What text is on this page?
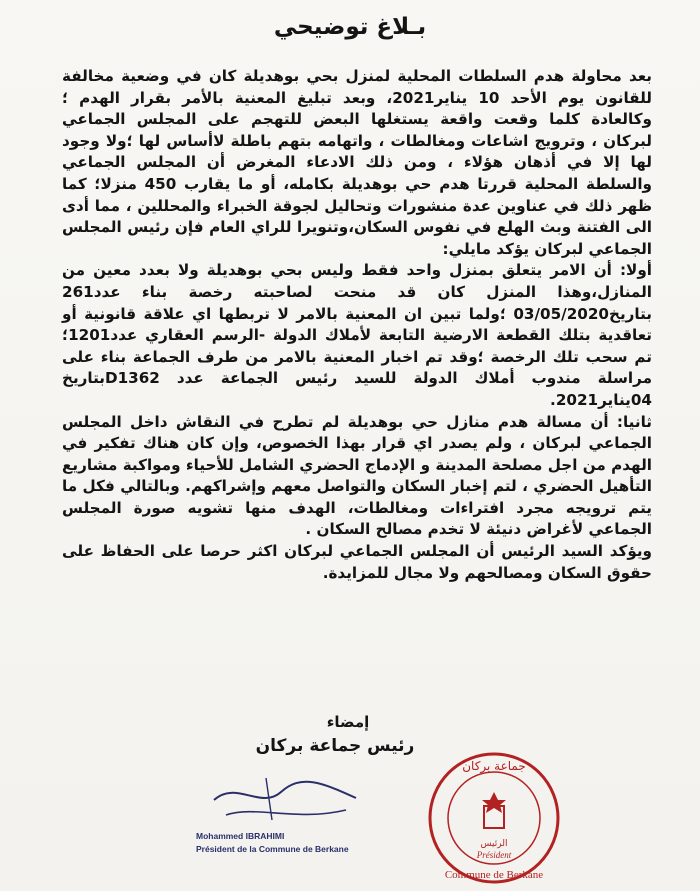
بـلاغ توضيحي

بعد محاولة هدم السلطات المحلية لمنزل بحي بوهديلة كان في وضعية مخالفة للقانون يوم الأحد 10 يناير2021، وبعد تبليغ المعنية بالأمر بقرار الهدم ؛ وكالعادة كلما وقعت واقعة يستغلها البعض للتهجم على المجلس الجماعي لبركان ، وترويج اشاعات ومغالطات ، واتهامه بتهم باطلة لاأساس لها ؛ولا وجود لها إلا في أذهان هؤلاء ، ومن ذلك الادعاء المغرض أن المجلس الجماعي والسلطة المحلية قررتا هدم حي بوهديلة بكامله، أو ما يقارب 450 منزلا؛ كما ظهر ذلك في عناوين عدة منشورات وتحاليل لجوقة الخبراء والمحللين ، مما أدى الى الفتنة وبث الهلع في نفوس السكان،وتنويرا للراي العام فإن رئيس المجلس الجماعي لبركان يؤكد مايلي:

أولا: أن الامر يتعلق بمنزل واحد فقط وليس بحي بوهديلة ولا بعدد معين من المنازل،وهذا المنزل كان قد منحت لصاحبته رخصة بناء عدد261 بتاريخ03/05/2020 ؛ولما تبين ان المعنية بالامر لا تربطها اي علاقة قانونية أو تعاقدية بتلك القطعة الارضية التابعة لأملاك الدولة -الرسم العقاري عدد1201؛ تم سحب تلك الرخصة ؛وقد تم اخبار المعنية بالامر من طرف الجماعة بناء على مراسلة مندوب أملاك الدولة للسيد رئيس الجماعة عدد D1362بتاريخ 04يناير2021.

ثانيا: أن مسالة هدم منازل حي بوهديلة لم تطرح في النقاش داخل المجلس الجماعي لبركان ، ولم يصدر اي قرار بهذا الخصوص، وإن كان هناك تفكير في الهدم من اجل مصلحة المدينة و الإدماج الحضري الشامل للأحياء ومواكبة مشاريع التأهيل الحضري ، لتم إخبار السكان والتواصل معهم وإشراكهم. وبالتالي فكل ما يتم ترويجه مجرد افتراءات ومغالطات، الهدف منها تشويه صورة المجلس الجماعي لأغراض دنيئة لا تخدم مصالح السكان .

ويؤكد السيد الرئيس أن المجلس الجماعي لبركان اكثر حرصا على الحفاظ على حقوق السكان ومصالحهم ولا مجال للمزايدة.

إمضاء
رئيس جماعة بركان
Mohammed IBRAHIMI
Président de la Commune de Berkane
جماعة بركان
الرئيس
Président
Commune de Berkane
